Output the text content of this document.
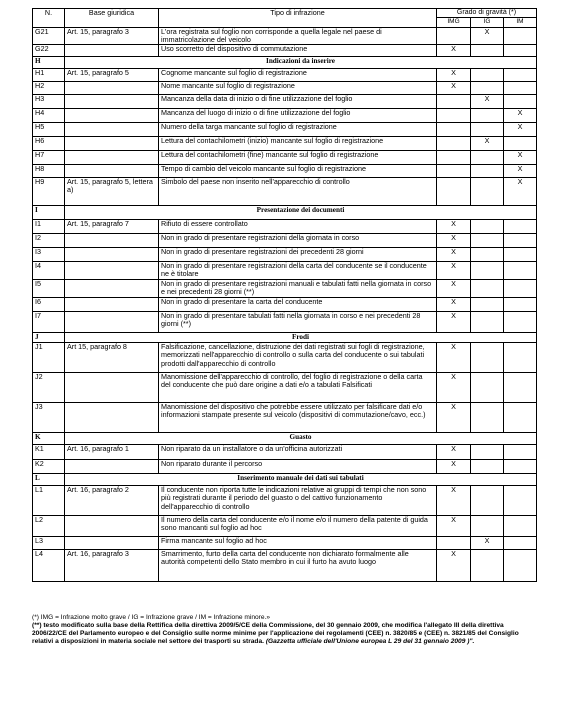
N.	Base giuridica	Tipo di infrazione	Grado di gravità (*)		
			IMG	IG	IM
G21	Art. 15, paragrafo 3	L'ora registrata sul foglio non corrisponde a quella legale nel paese di immatricolazione del veicolo		X	
G22		Uso scorretto del dispositivo di commutazione	X		
H	Indicazioni da inserire				
H1	Art. 15, paragrafo 5	Cognome mancante sul foglio di registrazione	X		
H2		Nome mancante sul foglio di registrazione	X		
H3		Mancanza della data di inizio o di fine utilizzazione del foglio		X	
H4		Mancanza del luogo di inizio o di fine utilizzazione del foglio			X
H5		Numero della targa mancante sul foglio di registrazione			X
H6		Lettura del contachilometri (inizio) mancante sul foglio di registrazione		X	
H7		Lettura del contachilometri (fine) mancante sul foglio di registrazione			X
H8		Tempo di cambio del veicolo mancante sul foglio di registrazione			X
H9	Art. 15, paragrafo 5, lettera a)	Simbolo del paese non inserito nell'apparecchio di controllo			X
I	Presentazione dei documenti				
I1	Art. 15, paragrafo 7	Rifiuto di essere controllato	X		
I2		Non in grado di presentare registrazioni della giornata in corso	X		
I3		Non in grado di presentare registrazioni dei precedenti 28 giorni	X		
I4		Non in grado di presentare registrazioni della carta del conducente se il conducente ne è titolare	X		
I5		Non in grado di presentare registrazioni manuali e tabulati fatti nella giornata in corso e nei precedenti 28 giorni (**)	X		
I6		Non in grado di presentare la carta del conducente	X		
I7		Non in grado di presentare tabulati fatti nella giornata in corso e nei precedenti 28 giorni (**)	X		
J	Frodi				
J1	Art 15, paragrafo 8	Falsificazione, cancellazione, distruzione dei dati registrati sui fogli di registrazione, memorizzati nell'apparecchio di controllo o sulla carta del conducente o sui tabulati prodotti dall'apparecchio di controllo	X		
J2		Manomissione dell'apparecchio di controllo, del foglio di registrazione o della carta del conducente che può dare origine a dati e/o a tabulati Falsificati	X		
J3		Manomissione del dispositivo che potrebbe essere utilizzato per falsificare dati e/o informazioni stampate presente sul veicolo (dispositivi di commutazione/cavo, ecc.)	X		
K	Guasto				
K1	Art. 16, paragrafo 1	Non riparato da un installatore o da un'officina autorizzati	X		
K2		Non riparato durante il percorso	X		
L	Inserimento manuale dei dati sui tabulati				
L1	Art. 16, paragrafo 2	Il conducente non riporta tutte le indicazioni relative ai gruppi di tempi che non sono più registrati durante il periodo del guasto o del cattivo funzionamento dell'apparecchio di controllo	X		
L2		Il numero della carta del conducente e/o il nome e/o il numero della patente di guida sono mancanti sul foglio ad hoc	X		
L3		Firma mancante sul foglio ad hoc		X	
L4	Art. 16, paragrafo 3	Smarrimento, furto della carta del conducente non dichiarato formalmente alle autorità competenti dello Stato membro in cui il furto ha avuto luogo	X		
(*) IMG = Infrazione molto grave / IG = Infrazione grave / IM = Infrazione minore.»
(**) testo modificato sulla base della Rettifica della direttiva 2009/5/CE della Commissione, del 30 gennaio 2009, che modifica l'allegato III della direttiva 2006/22/CE del Parlamento europeo e del Consiglio sulle norme minime per l'applicazione dei regolamenti (CEE) n. 3820/85 e (CEE) n. 3821/85 del Consiglio relativi a disposizioni in materia sociale nel settore dei trasporti su strada. (Gazzetta ufficiale dell'Unione europea L 29 del 31 gennaio 2009 )".
